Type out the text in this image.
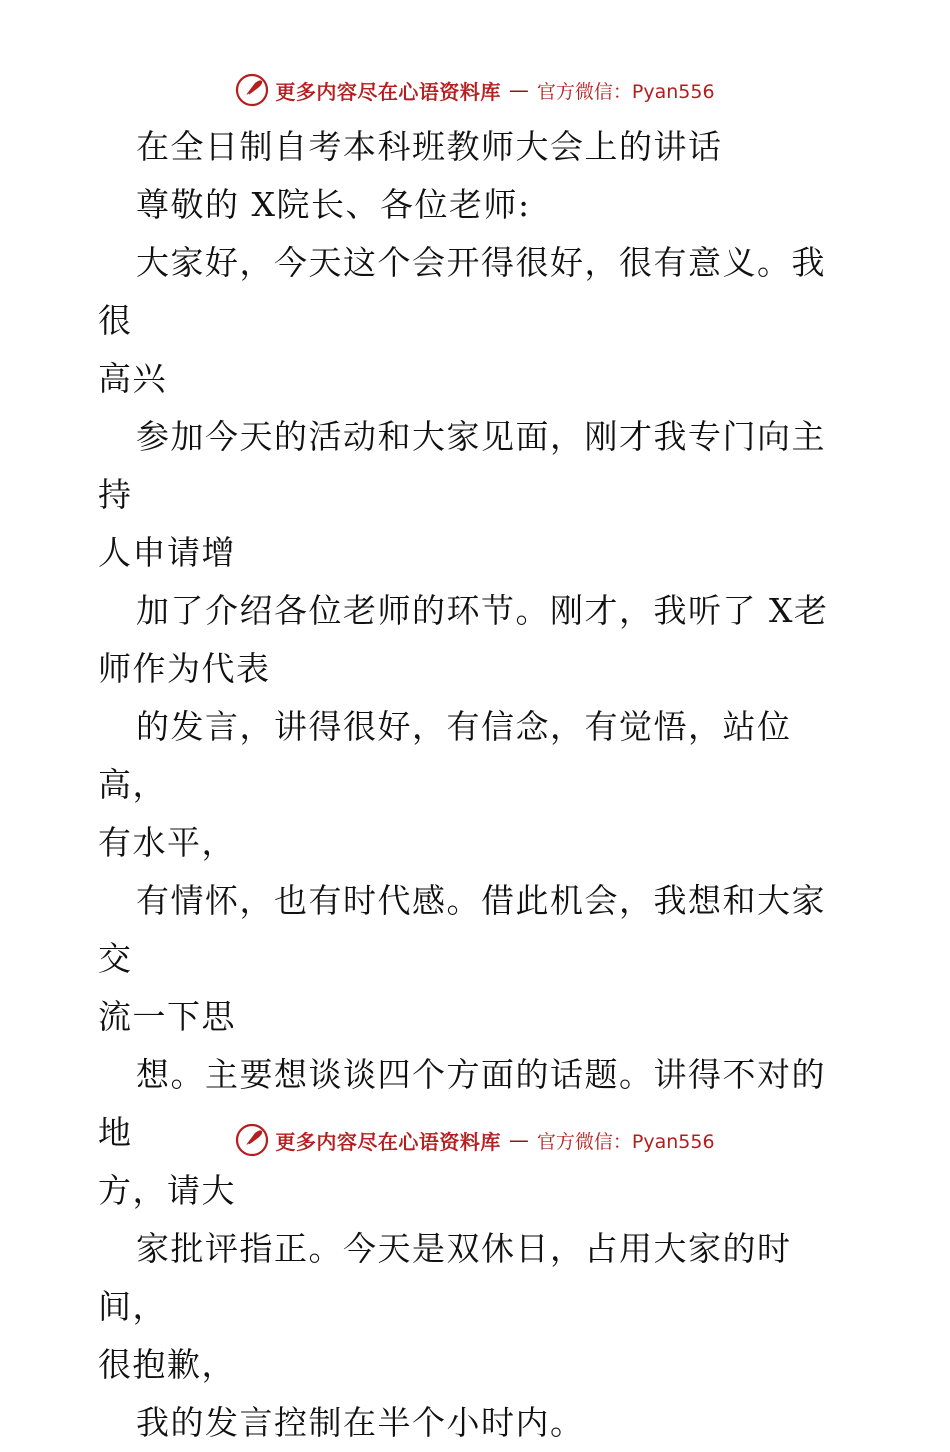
更多内容尽在心语资料库 — 官方微信：Pyan556

在全日制自考本科班教师大会上的讲话

尊敬的 X院长、各位老师:

大家好，今天这个会开得很好，很有意义。我很
高兴

参加今天的活动和大家见面，刚才我专门向主持
人申请增

加了介绍各位老师的环节。刚才，我听了 X老
师作为代表

的发言，讲得很好，有信念，有觉悟，站位高，
有水平，

有情怀，也有时代感。借此机会，我想和大家交
流一下思

想。主要想谈谈四个方面的话题。讲得不对的地
方，请大

家批评指正。今天是双休日，占用大家的时间，
很抱歉，

我的发言控制在半个小时内。

更多内容尽在心语资料库 — 官方微信：Pyan556
